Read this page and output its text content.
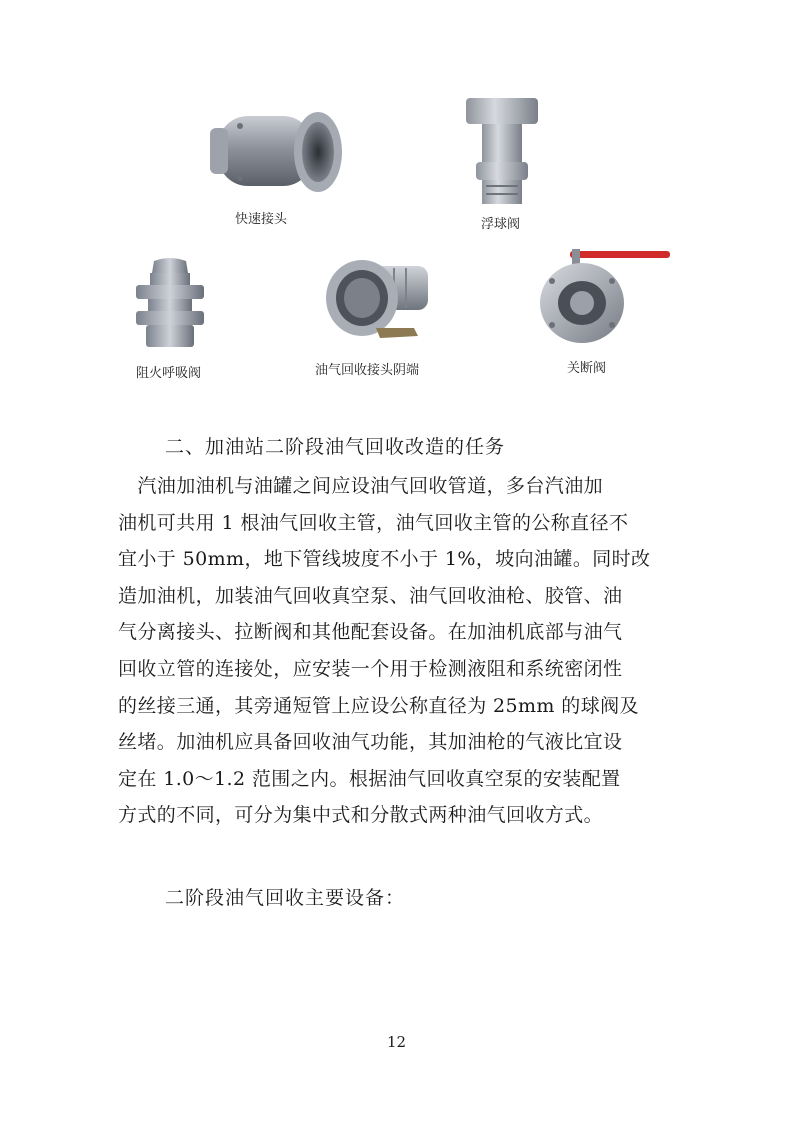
快速接头	浮球阀
阻火呼吸阀	油气回收接头阴端	关断阀
二、加油站二阶段油气回收改造的任务
　汽油加油机与油罐之间应设油气回收管道，多台汽油加
油机可共用 1 根油气回收主管，油气回收主管的公称直径不
宜小于 50mm，地下管线坡度不小于 1%，坡向油罐。同时改
造加油机，加装油气回收真空泵、油气回收油枪、胶管、油
气分离接头、拉断阀和其他配套设备。在加油机底部与油气
回收立管的连接处，应安装一个用于检测液阻和系统密闭性
的丝接三通，其旁通短管上应设公称直径为 25mm 的球阀及
丝堵。加油机应具备回收油气功能，其加油枪的气液比宜设
定在 1.0～1.2 范围之内。根据油气回收真空泵的安装配置
方式的不同，可分为集中式和分散式两种油气回收方式。
二阶段油气回收主要设备：
12
